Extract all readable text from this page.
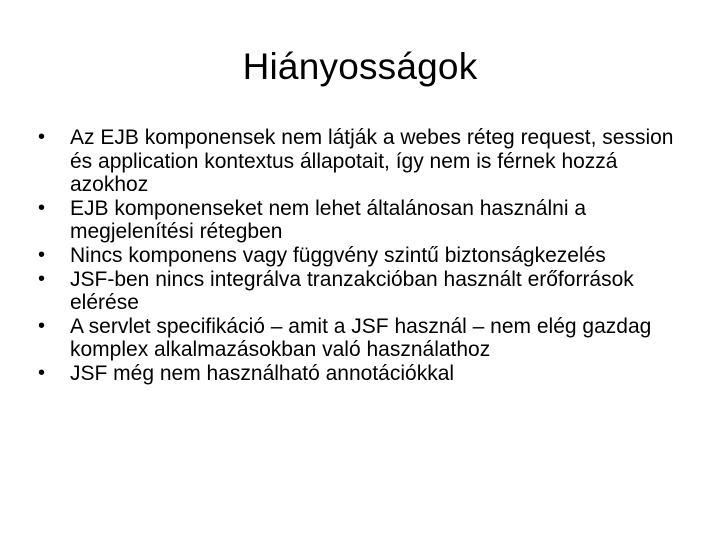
Hiányosságok
• Az EJB komponensek nem látják a webes réteg request, session és application kontextus állapotait, így nem is férnek hozzá azokhoz
• EJB komponenseket nem lehet általánosan használni a megjelenítési rétegben
• Nincs komponens vagy függvény szintű biztonságkezelés
• JSF-ben nincs integrálva tranzakcióban használt erőforrások elérése
• A servlet specifikáció – amit a JSF használ – nem elég gazdag komplex alkalmazásokban való használathoz
• JSF még nem használható annotációkkal
